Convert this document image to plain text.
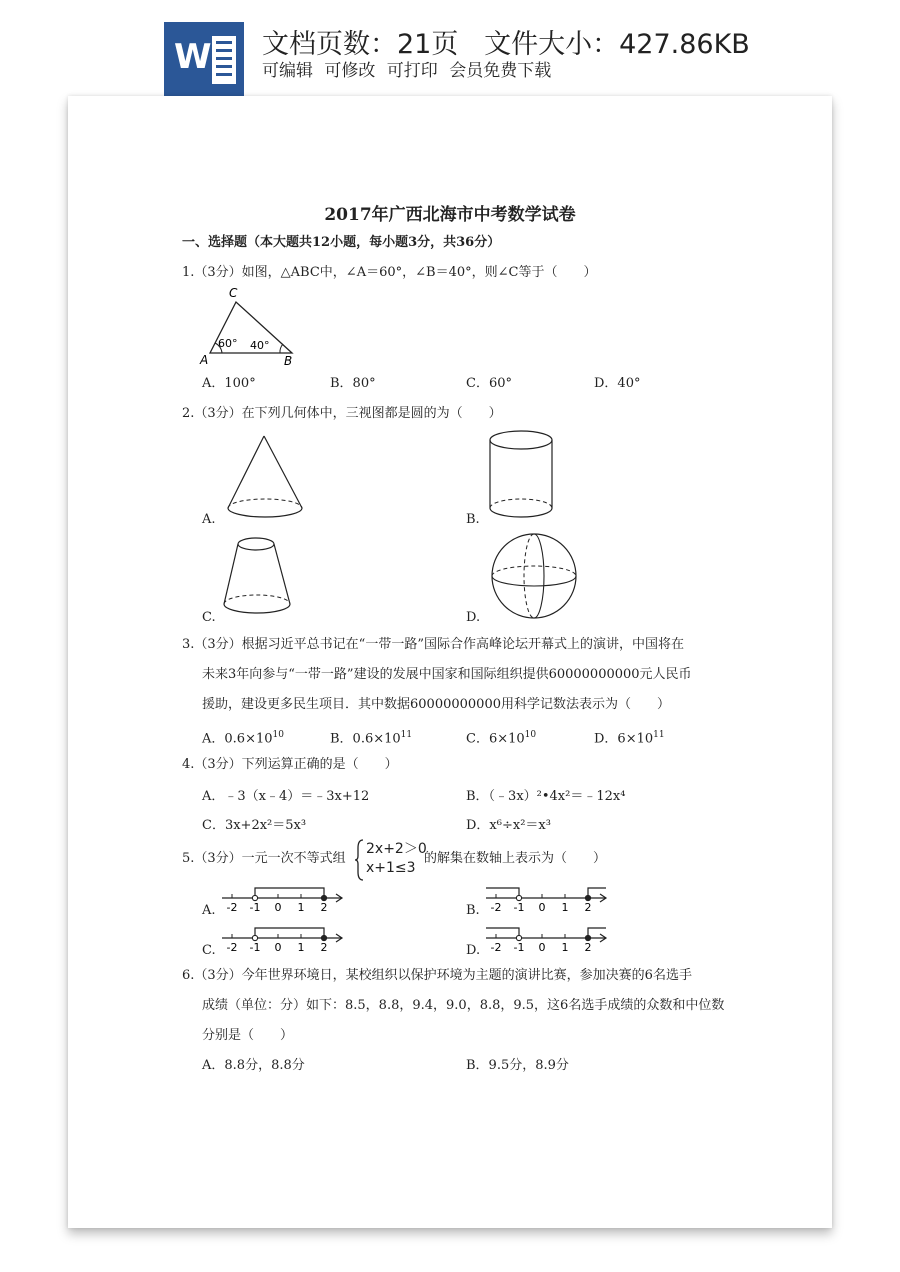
W 文档页数：21页   文件大小：427.86KB
可编辑 可修改 可打印 会员免费下载
2017年广西北海市中考数学试卷
一、选择题（本大题共12小题，每小题3分，共36分）
1.（3分）如图，△ABC中，∠A＝60°，∠B＝40°，则∠C等于（　　）
A	B
C
60° 40°
A．100°	B．80°	C．60°	D．40°
2.（3分）在下列几何体中，三视图都是圆的为（　　）
A.	B.
C.	D.
3.（3分）根据习近平总书记在“一带一路”国际合作高峰论坛开幕式上的演讲，中国将在
未来3年向参与“一带一路”建设的发展中国家和国际组织提供60000000000元人民币
援助，建设更多民生项目．其中数据60000000000用科学记数法表示为（　　）
A．$0.6\times 10^{10}$	B．$0.6\times 10^{11}$	C．$6\times 10^{10}$	D．$6\times 10^{11}$
4.（3分）下列运算正确的是（　　）
A．﹣3（x﹣4）＝﹣3x+12	B．（﹣3x）²•4x²＝﹣12x⁴
C．3x+2x²＝5x³	D．x⁶÷x²＝x³
5.（3分）一元一次不等式组
2x+2＞0
x+1≤3
的解集在数轴上表示为（　　）
A. -2 -1 0 1 2	B. -2 -1 0 1 2
C. -2 -1 0 1 2	D. -2 -1 0 1 2
6.（3分）今年世界环境日，某校组织以保护环境为主题的演讲比赛，参加决赛的6名选手
成绩（单位：分）如下：8.5，8.8，9.4，9.0，8.8，9.5，这6名选手成绩的众数和中位数
分别是（　　）
A．8.8分，8.8分	B．9.5分，8.9分
